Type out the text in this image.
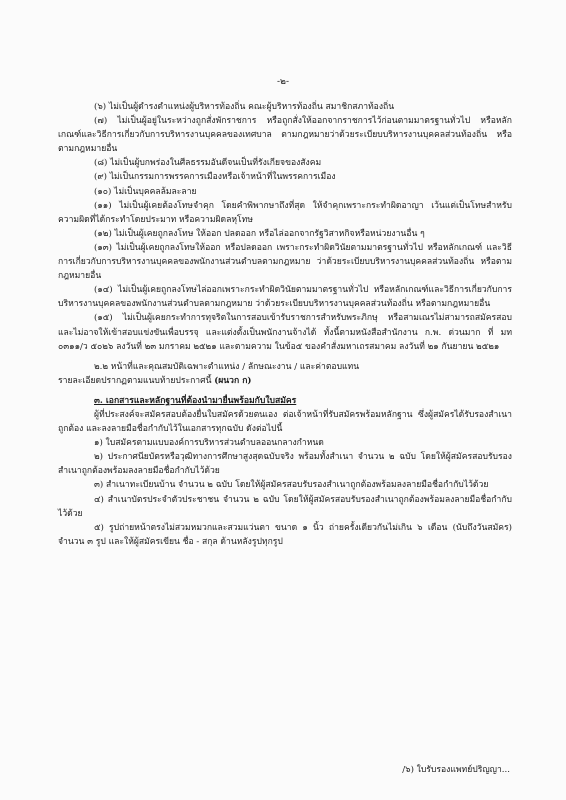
-๒-

(๖) ไม่เป็นผู้ดำรงตำแหน่งผู้บริหารท้องถิ่น คณะผู้บริหารท้องถิ่น สมาชิกสภาท้องถิ่น

(๗) ไม่เป็นผู้อยู่ในระหว่างถูกสั่งพักราชการ หรือถูกสั่งให้ออกจากราชการไว้ก่อนตามมาตรฐานทั่วไป หรือหลักเกณฑ์และวิธีการเกี่ยวกับการบริหารงานบุคคลของเทศบาล ตามกฎหมายว่าด้วยระเบียบบริหารงานบุคคลส่วนท้องถิ่น หรือตามกฎหมายอื่น

(๘) ไม่เป็นผู้บกพร่องในศีลธรรมอันดีจนเป็นที่รังเกียจของสังคม

(๙) ไม่เป็นกรรมการพรรคการเมืองหรือเจ้าหน้าที่ในพรรคการเมือง

(๑๐) ไม่เป็นบุคคลล้มละลาย

(๑๑) ไม่เป็นผู้เคยต้องโทษจำคุก โดยคำพิพากษาถึงที่สุด ให้จำคุกเพราะกระทำผิดอาญา เว้นแต่เป็นโทษสำหรับความผิดที่ได้กระทำโดยประมาท หรือความผิดลหุโทษ

(๑๒) ไม่เป็นผู้เคยถูกลงโทษ ให้ออก ปลดออก หรือไล่ออกจากรัฐวิสาหกิจหรือหน่วยงานอื่น ๆ

(๑๓) ไม่เป็นผู้เคยถูกลงโทษให้ออก หรือปลดออก เพราะกระทำผิดวินัยตามมาตรฐานทั่วไป หรือหลักเกณฑ์ และวิธีการเกี่ยวกับการบริหารงานบุคคลของพนักงานส่วนตำบลตามกฎหมาย ว่าด้วยระเบียบบริหารงานบุคคลส่วนท้องถิ่น หรือตามกฎหมายอื่น

(๑๔) ไม่เป็นผู้เคยถูกลงโทษไล่ออกเพราะกระทำผิดวินัยตามมาตรฐานทั่วไป หรือหลักเกณฑ์และวิธีการเกี่ยวกับการบริหารงานบุคคลของพนักงานส่วนตำบลตามกฎหมาย ว่าด้วยระเบียบบริหารงานบุคคลส่วนท้องถิ่น หรือตามกฎหมายอื่น

(๑๕) ไม่เป็นผู้เคยกระทำการทุจริตในการสอบเข้ารับราชการสำหรับพระภิกษุ หรือสามเณรไม่สามารถสมัครสอบ และไม่อาจให้เข้าสอบแข่งขันเพื่อบรรจุ และแต่งตั้งเป็นพนักงานจ้างได้ ทั้งนี้ตามหนังสือสำนักงาน ก.พ. ด่วนมาก ที่ มท ๐๓๑๑/ว ๕๐๒๖ ลงวันที่ ๒๓ มกราคม ๒๕๒๑ และตามความ ในข้อ๕ ของคำสั่งมหาเถรสมาคม ลงวันที่ ๒๑ กันยายน ๒๕๒๑

๒.๒ หน้าที่และคุณสมบัติเฉพาะตำแหน่ง / ลักษณะงาน / และค่าตอบแทน

รายละเอียดปรากฏตามแนบท้ายประกาศนี้ (ผนวก ก)

๓. เอกสารและหลักฐานที่ต้องนำมายื่นพร้อมกับใบสมัคร

ผู้ที่ประสงค์จะสมัครสอบต้องยื่นใบสมัครด้วยตนเอง ต่อเจ้าหน้าที่รับสมัครพร้อมหลักฐาน ซึ่งผู้สมัครได้รับรองสำเนาถูกต้อง และลงลายมือชื่อกำกับไว้ในเอกสารทุกฉบับ ดังต่อไปนี้

๑) ใบสมัครตามแบบองค์การบริหารส่วนตำบลออนกลางกำหนด

๒) ประกาศนียบัตรหรือวุฒิทางการศึกษาสูงสุดฉบับจริง พร้อมทั้งสำเนา จำนวน ๒ ฉบับ โดยให้ผู้สมัครสอบรับรองสำเนาถูกต้องพร้อมลงลายมือชื่อกำกับไว้ด้วย

๓) สำเนาทะเบียนบ้าน จำนวน ๒ ฉบับ โดยให้ผู้สมัครสอบรับรองสำเนาถูกต้องพร้อมลงลายมือชื่อกำกับไว้ด้วย

๔) สำเนาบัตรประจำตัวประชาชน จำนวน ๒ ฉบับ โดยให้ผู้สมัครสอบรับรองสำเนาถูกต้องพร้อมลงลายมือชื่อกำกับไว้ด้วย

๕) รูปถ่ายหน้าตรงไม่สวมหมวกและสวมแว่นตา ขนาด ๑ นิ้ว ถ่ายครั้งเดียวกันไม่เกิน ๖ เดือน (นับถึงวันสมัคร) จำนวน ๓ รูป และให้ผู้สมัครเขียน ชื่อ - สกุล ด้านหลังรูปทุกรูป

/๖) ใบรับรองแพทย์ปริญญา...
